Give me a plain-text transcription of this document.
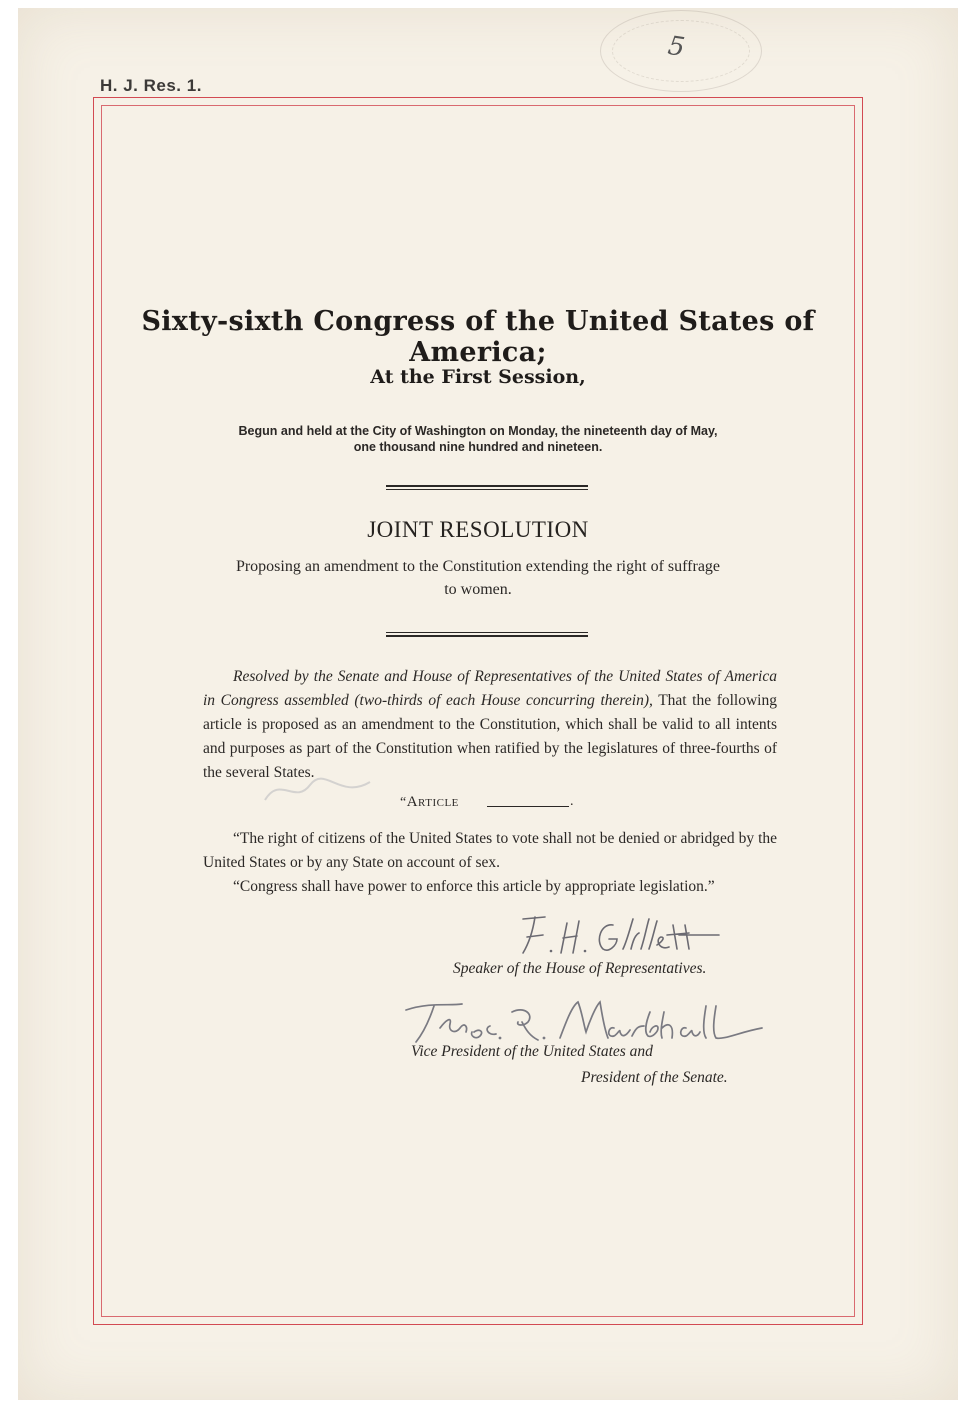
5
H. J. Res. 1.
Sixty-sixth Congress of the United States of America;
At the First Session,
Begun and held at the City of Washington on Monday, the nineteenth day of May,
one thousand nine hundred and nineteen.
JOINT RESOLUTION
Proposing an amendment to the Constitution extending the right of suffrage
to women.
Resolved by the Senate and House of Representatives of the United States of America in Congress assembled (two-thirds of each House concurring therein), That the following article is proposed as an amendment to the Constitution, which shall be valid to all intents and purposes as part of the Constitution when ratified by the legislatures of three-fourths of the several States.
“Article	.

“The right of citizens of the United States to vote shall not be denied or abridged by the United States or by any State on account of sex.

“Congress shall have power to enforce this article by appropriate legislation.”

Speaker of the House of Representatives.
Vice President of the United States and
President of the Senate.
